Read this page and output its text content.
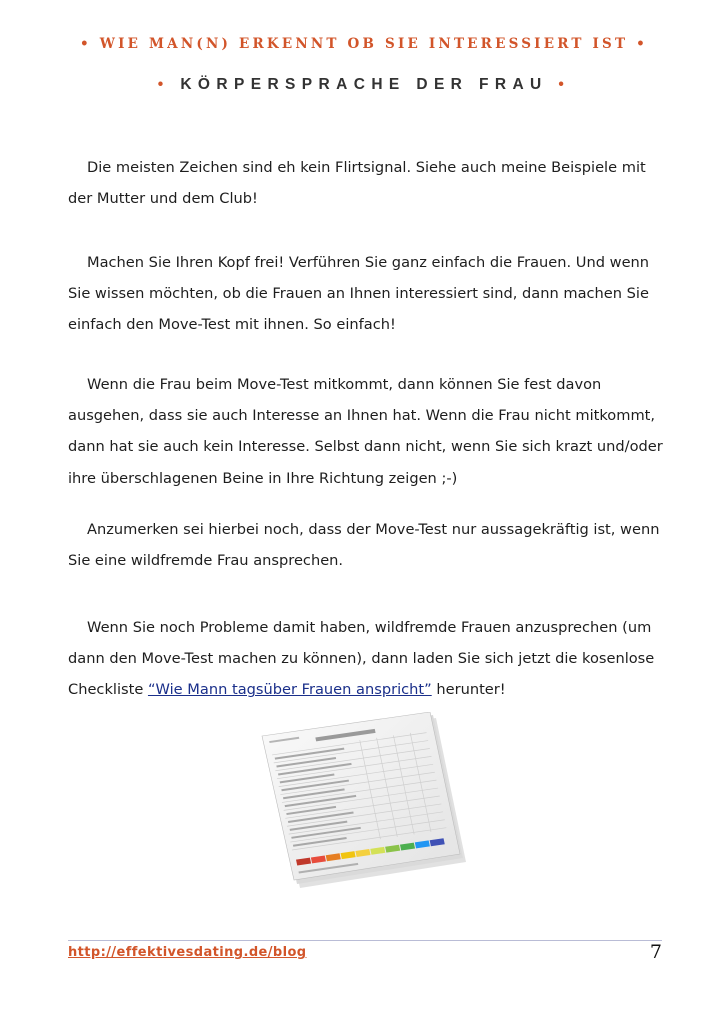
• WIE MAN(N) ERKENNT OB SIE INTERESSIERT IST •
• KÖRPERSPRACHE DER FRAU •

Die meisten Zeichen sind eh kein Flirtsignal. Siehe auch meine Beispiele mit der Mutter und dem Club!

Machen Sie Ihren Kopf frei! Verführen Sie ganz einfach die Frauen. Und wenn Sie wissen möchten, ob die Frauen an Ihnen interessiert sind, dann machen Sie einfach den Move-Test mit ihnen. So einfach!

Wenn die Frau beim Move-Test mitkommt, dann können Sie fest davon ausgehen, dass sie auch Interesse an Ihnen hat. Wenn die Frau nicht mitkommt, dann hat sie auch kein Interesse. Selbst dann nicht, wenn Sie sich krazt und/oder ihre überschlagenen Beine in Ihre Richtung zeigen ;-)

Anzumerken sei hierbei noch, dass der Move-Test nur aussagekräftig ist, wenn Sie eine wildfremde Frau ansprechen.

Wenn Sie noch Probleme damit haben, wildfremde Frauen anzusprechen (um dann den Move-Test machen zu können), dann laden Sie sich jetzt die kosenlose Checkliste “Wie Mann tagsüber Frauen anspricht” herunter!

http://effektivesdating.de/blog	7
